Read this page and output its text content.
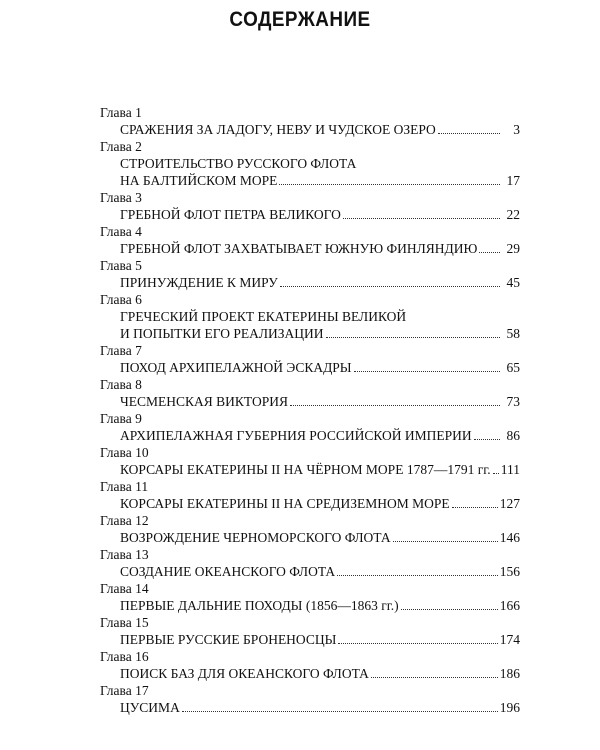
СОДЕРЖАНИЕ
Глава 1
СРАЖЕНИЯ ЗА ЛАДОГУ, НЕВУ И ЧУДСКОЕ ОЗЕРО	3
Глава 2
СТРОИТЕЛЬСТВО РУССКОГО ФЛОТА
НА БАЛТИЙСКОМ МОРЕ	17
Глава 3
ГРЕБНОЙ ФЛОТ ПЕТРА ВЕЛИКОГО	22
Глава 4
ГРЕБНОЙ ФЛОТ ЗАХВАТЫВАЕТ ЮЖНУЮ ФИНЛЯНДИЮ	29
Глава 5
ПРИНУЖДЕНИЕ К МИРУ	45
Глава 6
ГРЕЧЕСКИЙ ПРОЕКТ ЕКАТЕРИНЫ ВЕЛИКОЙ
И ПОПЫТКИ ЕГО РЕАЛИЗАЦИИ	58
Глава 7
ПОХОД АРХИПЕЛАЖНОЙ ЭСКАДРЫ	65
Глава 8
ЧЕСМЕНСКАЯ ВИКТОРИЯ	73
Глава 9
АРХИПЕЛАЖНАЯ ГУБЕРНИЯ РОССИЙСКОЙ ИМПЕРИИ	86
Глава 10
КОРСАРЫ ЕКАТЕРИНЫ II НА ЧЁРНОМ МОРЕ 1787—1791 гг. 111
Глава 11
КОРСАРЫ ЕКАТЕРИНЫ II НА СРЕДИЗЕМНОМ МОРЕ	127
Глава 12
ВОЗРОЖДЕНИЕ ЧЕРНОМОРСКОГО ФЛОТА	146
Глава 13
СОЗДАНИЕ ОКЕАНСКОГО ФЛОТА	156
Глава 14
ПЕРВЫЕ ДАЛЬНИЕ ПОХОДЫ (1856—1863 гг.)	166
Глава 15
ПЕРВЫЕ РУССКИЕ БРОНЕНОСЦЫ	174
Глава 16
ПОИСК БАЗ ДЛЯ ОКЕАНСКОГО ФЛОТА	186
Глава 17
ЦУСИМА	196
